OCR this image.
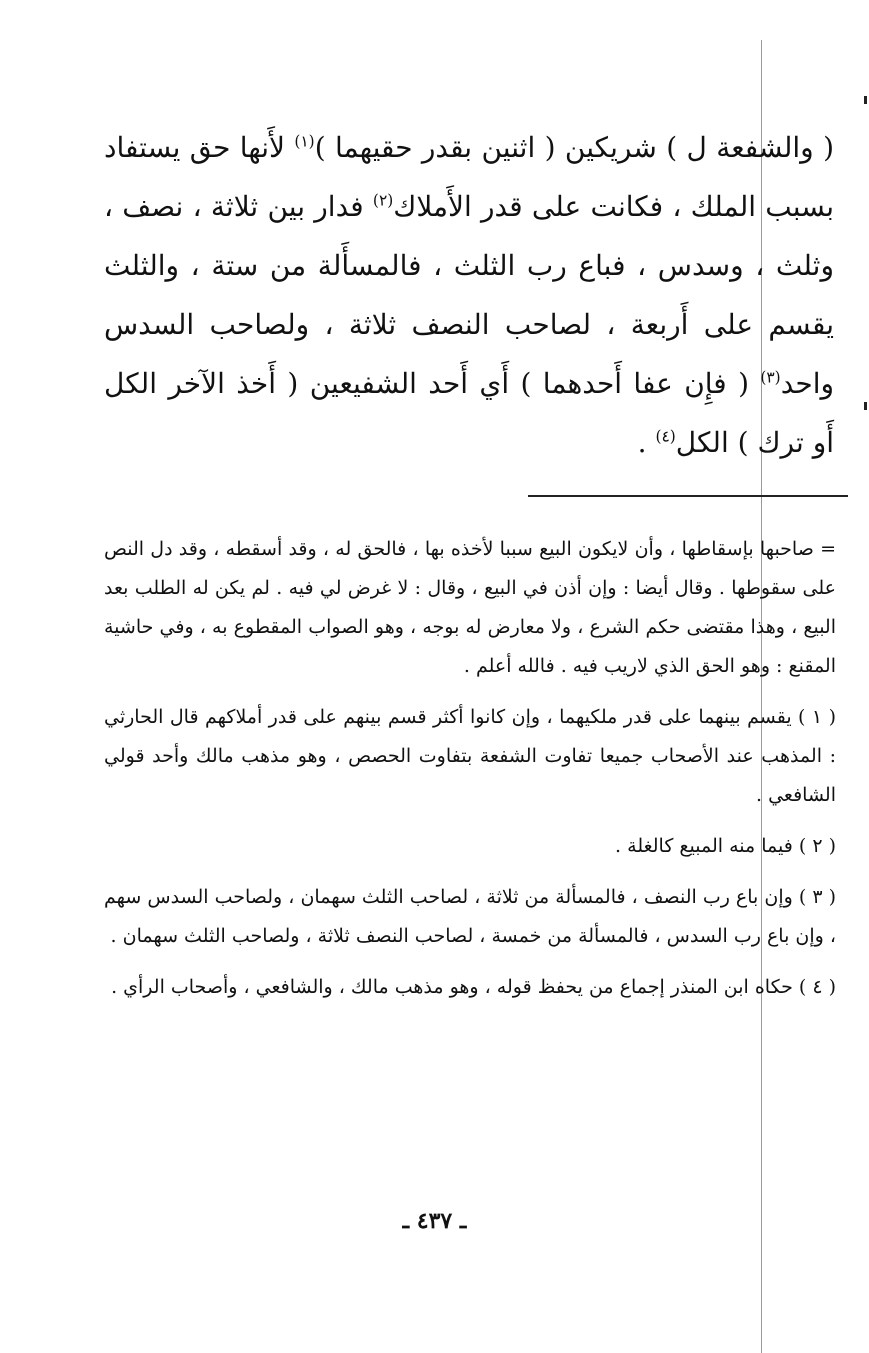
( والشفعة ل ) شريكين ( اثنين بقدر حقيهما )$^{(١)}$ لأَنها حق يستفاد بسبب الملك ، فكانت على قدر الأَملاك$^{(٢)}$ فدار بين ثلاثة ، نصف ، وثلث ، وسدس ، فباع رب الثلث ، فالمسأَلة من ستة ، والثلث يقسم على أَربعة ، لصاحب النصف ثلاثة ، ولصاحب السدس واحد$^{(٣)}$ ( فإِن عفا أَحدهما ) أَي أَحد الشفيعين ( أَخذ الآخر الكل أَو ترك ) الكل$^{(٤)}$ .

= صاحبها بإسقاطها ، وأن لايكون البيع سببا لأخذه بها ، فالحق له ، وقد أسقطه ، وقد دل النص على سقوطها . وقال أيضا : وإن أذن في البيع ، وقال : لا غرض لي فيه . لم يكن له الطلب بعد البيع ، وهذا مقتضى حكم الشرع ، ولا معارض له بوجه ، وهو الصواب المقطوع به ، وفي حاشية المقنع : وهو الحق الذي لاريب فيه . فالله أعلم .

( ١ ) يقسم بينهما على قدر ملكيهما ، وإن كانوا أكثر قسم بينهم على قدر أملاكهم قال الحارثي : المذهب عند الأصحاب جميعا تفاوت الشفعة بتفاوت الحصص ، وهو مذهب مالك وأحد قولي الشافعي .

( ٢ ) فيما منه المبيع كالغلة .

( ٣ ) وإن باع رب النصف ، فالمسألة من ثلاثة ، لصاحب الثلث سهمان ، ولصاحب السدس سهم ، وإن باع رب السدس ، فالمسألة من خمسة ، لصاحب النصف ثلاثة ، ولصاحب الثلث سهمان .

( ٤ ) حكاه ابن المنذر إجماع من يحفظ قوله ، وهو مذهب مالك ، والشافعي ، وأصحاب الرأي .

ـ ٤٣٧ ـ
